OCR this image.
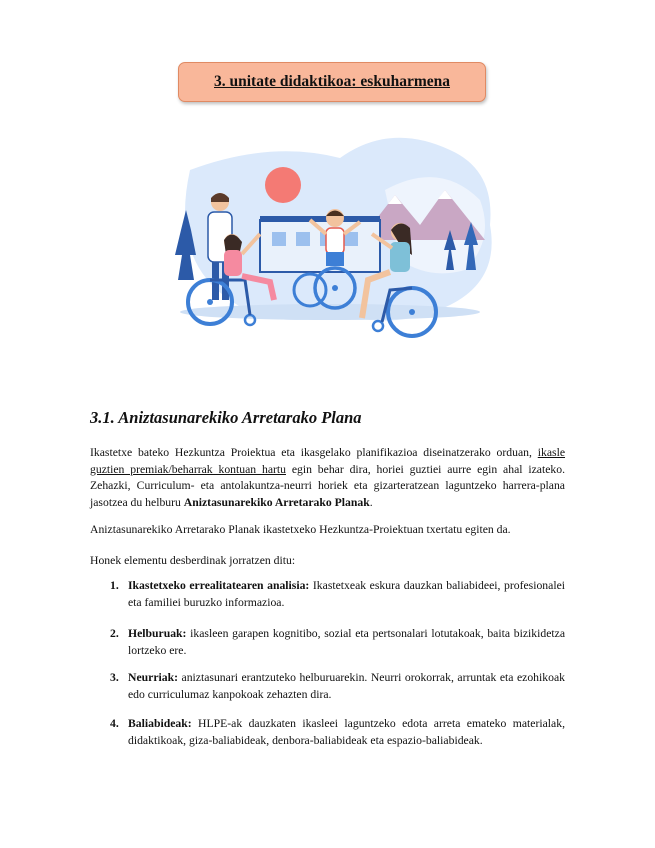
3. unitate didaktikoa: eskuharmena
3.1. Aniztasunarekiko Arretarako Plana

Ikastetxe bateko Hezkuntza Proiektua eta ikasgelako planifikazioa diseinatzerako orduan, ikasle guztien premiak/beharrak kontuan hartu egin behar dira, horiei guztiei aurre egin ahal izateko. Zehazki, Curriculum- eta antolakuntza-neurri horiek eta gizarteratzean laguntzeko harrera-plana jasotzea du helburu Aniztasunarekiko Arretarako Planak.

Aniztasunarekiko Arretarako Planak ikastetxeko Hezkuntza-Proiektuan txertatu egiten da.

Honek elementu desberdinak jorratzen ditu:

1. Ikastetxeko errealitatearen analisia: Ikastetxeak eskura dauzkan baliabideei, profesionalei eta familiei buruzko informazioa.
2. Helburuak: ikasleen garapen kognitibo, sozial eta pertsonalari lotutakoak, baita bizikidetza lortzeko ere.
3. Neurriak: aniztasunari erantzuteko helburuarekin. Neurri orokorrak, arruntak eta ezohikoak edo curriculumaz kanpokoak zehazten dira.
4. Baliabideak: HLPE-ak dauzkaten ikasleei laguntzeko edota arreta emateko materialak, didaktikoak, giza-baliabideak, denbora-baliabideak eta espazio-baliabideak.
